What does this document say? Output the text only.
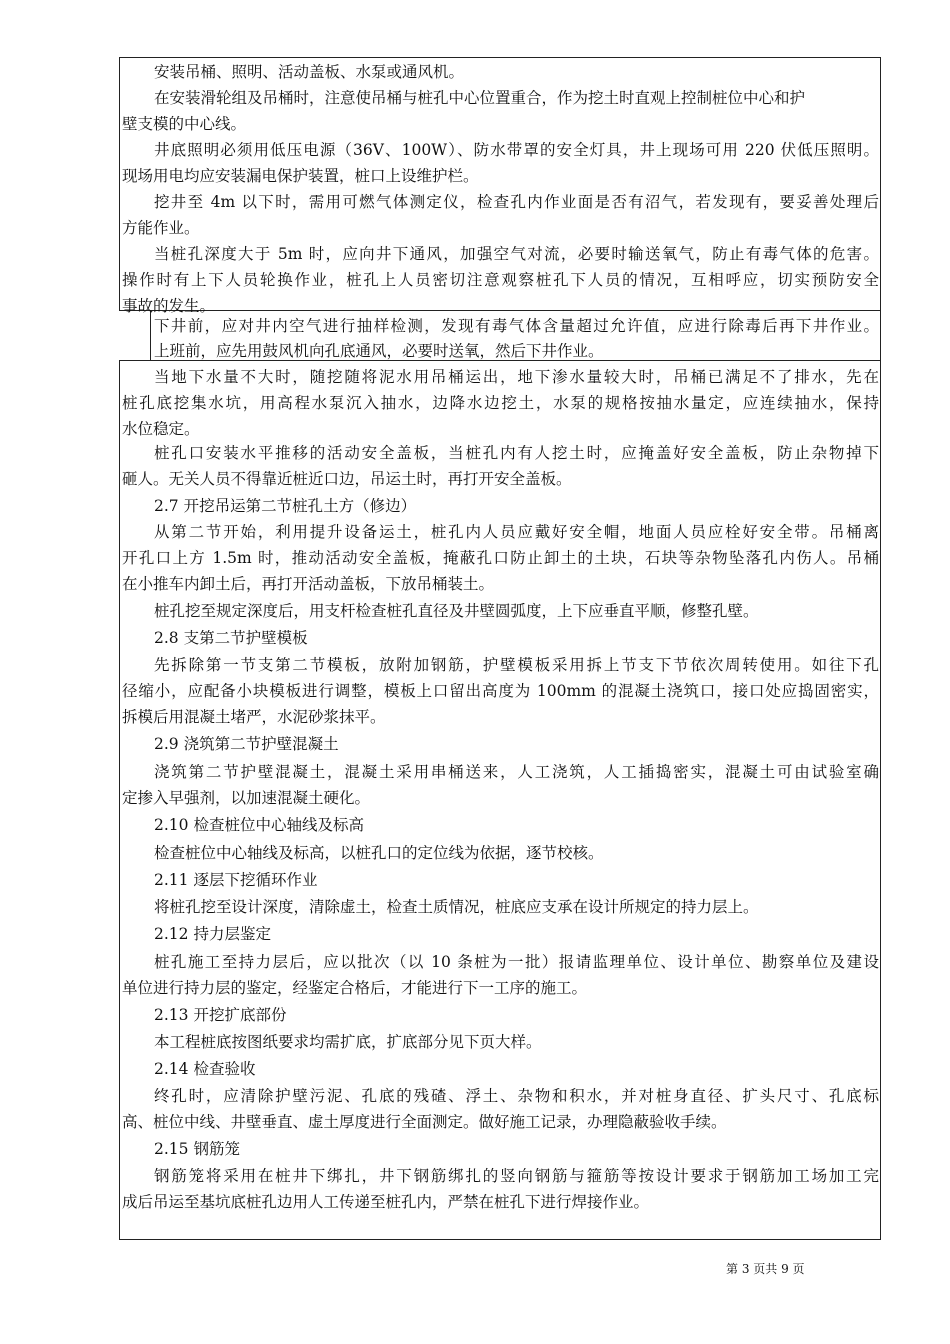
安装吊桶、照明、活动盖板、水泵或通风机。
在安装滑轮组及吊桶时，注意使吊桶与桩孔中心位置重合，作为挖土时直观上控制桩位中心和护
壁支模的中心线。
井底照明必须用低压电源（36V、100W）、防水带罩的安全灯具，井上现场可用 220 伏低压照明。
现场用电均应安装漏电保护装置，桩口上设维护栏。
挖井至 4m 以下时，需用可燃气体测定仪，检查孔内作业面是否有沼气，若发现有，要妥善处理后
方能作业。
当桩孔深度大于 5m 时，应向井下通风，加强空气对流，必要时输送氧气，防止有毒气体的危害。
操作时有上下人员轮换作业，桩孔上人员密切注意观察桩孔下人员的情况，互相呼应，切实预防安全
事故的发生。
下井前，应对井内空气进行抽样检测，发现有毒气体含量超过允许值，应进行除毒后再下井作业。
上班前，应先用鼓风机向孔底通风，必要时送氧，然后下井作业。
当地下水量不大时，随挖随将泥水用吊桶运出，地下渗水量较大时，吊桶已满足不了排水，先在
桩孔底挖集水坑，用高程水泵沉入抽水，边降水边挖土，水泵的规格按抽水量定，应连续抽水，保持
水位稳定。
桩孔口安装水平推移的活动安全盖板，当桩孔内有人挖土时，应掩盖好安全盖板，防止杂物掉下
砸人。无关人员不得靠近桩近口边，吊运土时，再打开安全盖板。
2.7 开挖吊运第二节桩孔土方（修边）
从第二节开始，利用提升设备运土，桩孔内人员应戴好安全帽，地面人员应栓好安全带。吊桶离
开孔口上方 1.5m 时，推动活动安全盖板，掩蔽孔口防止卸土的土块，石块等杂物坠落孔内伤人。吊桶
在小推车内卸土后，再打开活动盖板，下放吊桶装土。
桩孔挖至规定深度后，用支杆检查桩孔直径及井壁圆弧度，上下应垂直平顺，修整孔壁。
2.8 支第二节护壁模板
先拆除第一节支第二节模板，放附加钢筋，护壁模板采用拆上节支下节依次周转使用。如往下孔
径缩小，应配备小块模板进行调整，模板上口留出高度为 100mm 的混凝土浇筑口，接口处应捣固密实，
拆模后用混凝土堵严，水泥砂浆抹平。
2.9 浇筑第二节护壁混凝土
浇筑第二节护壁混凝土，混凝土采用串桶送来，人工浇筑，人工插捣密实，混凝土可由试验室确
定掺入早强剂，以加速混凝土硬化。
2.10 检查桩位中心轴线及标高
检查桩位中心轴线及标高，以桩孔口的定位线为依据，逐节校核。
2.11 逐层下挖循环作业
将桩孔挖至设计深度，清除虚土，检查土质情况，桩底应支承在设计所规定的持力层上。
2.12 持力层鉴定
桩孔施工至持力层后，应以批次（以 10 条桩为一批）报请监理单位、设计单位、勘察单位及建设
单位进行持力层的鉴定，经鉴定合格后，才能进行下一工序的施工。
2.13 开挖扩底部份
本工程桩底按图纸要求均需扩底，扩底部分见下页大样。
2.14 检查验收
终孔时，应清除护壁污泥、孔底的残碴、浮土、杂物和积水，并对桩身直径、扩头尺寸、孔底标
高、桩位中线、井壁垂直、虚土厚度进行全面测定。做好施工记录，办理隐蔽验收手续。
2.15 钢筋笼
钢筋笼将采用在桩井下绑扎，井下钢筋绑扎的竖向钢筋与箍筋等按设计要求于钢筋加工场加工完
成后吊运至基坑底桩孔边用人工传递至桩孔内，严禁在桩孔下进行焊接作业。
第 3 页共 9 页
